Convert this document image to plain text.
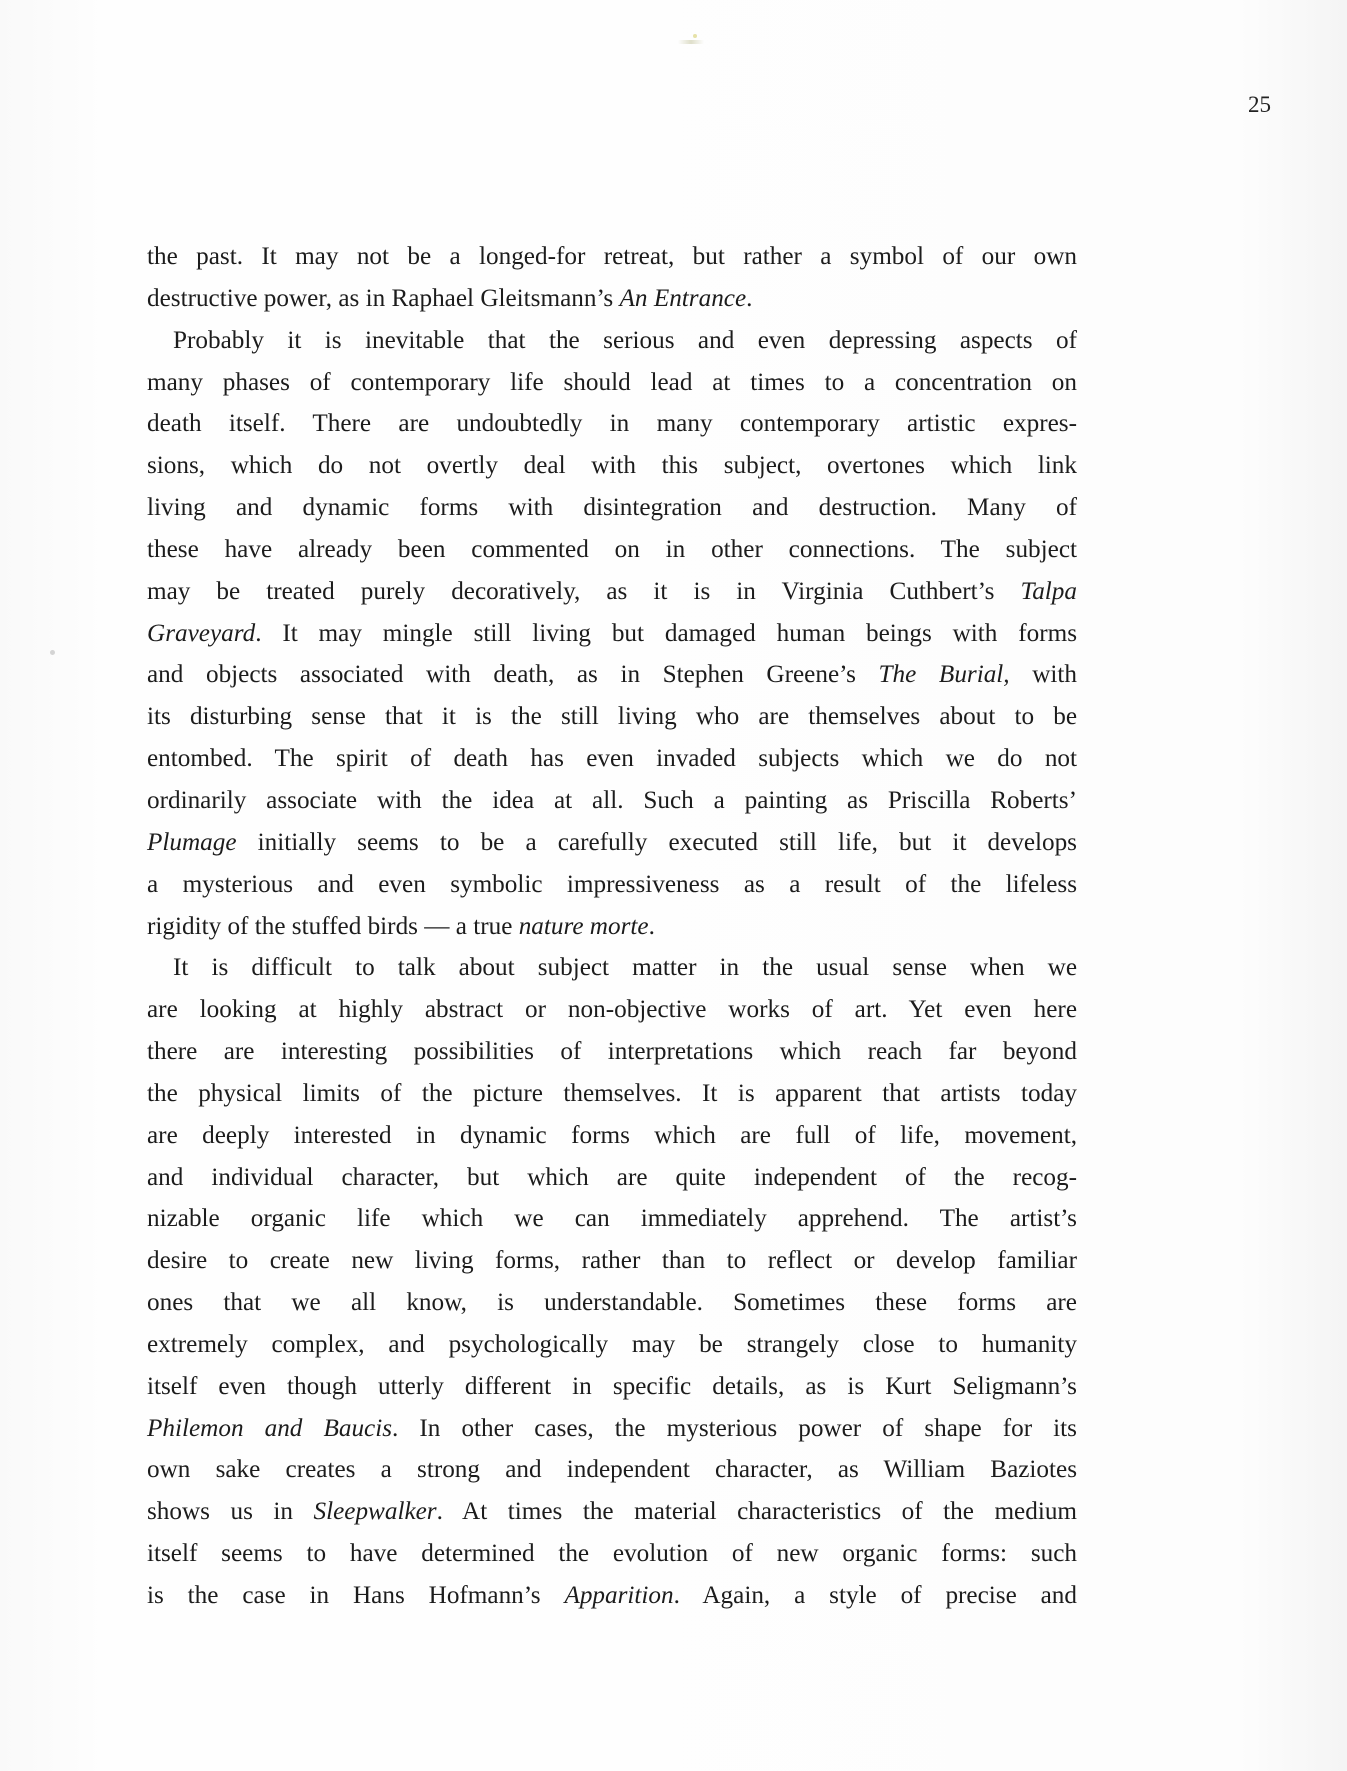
25
the past. It may not be a longed-for retreat, but rather a symbol of our own
destructive power, as in Raphael Gleitsmann’s An Entrance.
Probably it is inevitable that the serious and even depressing aspects of
many phases of contemporary life should lead at times to a concentration on
death itself. There are undoubtedly in many contemporary artistic expres-
sions, which do not overtly deal with this subject, overtones which link
living and dynamic forms with disintegration and destruction. Many of
these have already been commented on in other connections. The subject
may be treated purely decoratively, as it is in Virginia Cuthbert’s Talpa
Graveyard. It may mingle still living but damaged human beings with forms
and objects associated with death, as in Stephen Greene’s The Burial, with
its disturbing sense that it is the still living who are themselves about to be
entombed. The spirit of death has even invaded subjects which we do not
ordinarily associate with the idea at all. Such a painting as Priscilla Roberts’
Plumage initially seems to be a carefully executed still life, but it develops
a mysterious and even symbolic impressiveness as a result of the lifeless
rigidity of the stuffed birds — a true nature morte.
It is difficult to talk about subject matter in the usual sense when we
are looking at highly abstract or non-objective works of art. Yet even here
there are interesting possibilities of interpretations which reach far beyond
the physical limits of the picture themselves. It is apparent that artists today
are deeply interested in dynamic forms which are full of life, movement,
and individual character, but which are quite independent of the recog-
nizable organic life which we can immediately apprehend. The artist’s
desire to create new living forms, rather than to reflect or develop familiar
ones that we all know, is understandable. Sometimes these forms are
extremely complex, and psychologically may be strangely close to humanity
itself even though utterly different in specific details, as is Kurt Seligmann’s
Philemon and Baucis. In other cases, the mysterious power of shape for its
own sake creates a strong and independent character, as William Baziotes
shows us in Sleepwalker. At times the material characteristics of the medium
itself seems to have determined the evolution of new organic forms: such
is the case in Hans Hofmann’s Apparition. Again, a style of precise and
